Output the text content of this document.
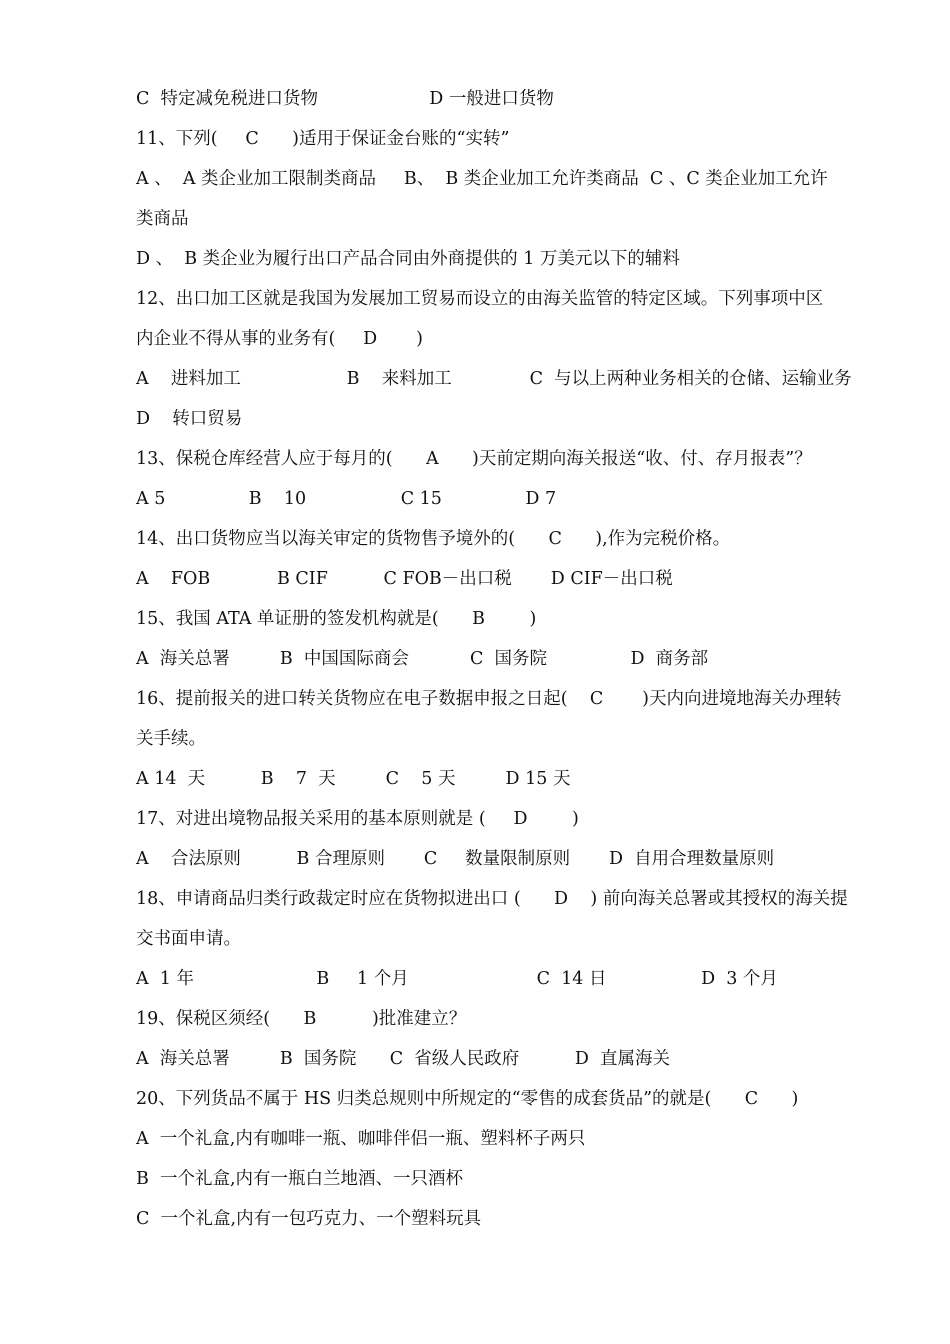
C  特定减免税进口货物                    D 一般进口货物
11、下列(     C      )适用于保证金台账的“实转”
A 、  A 类企业加工限制类商品     B、  B 类企业加工允许类商品  C 、C 类企业加工允许
类商品
D 、  B 类企业为履行出口产品合同由外商提供的 1 万美元以下的辅料
12、出口加工区就是我国为发展加工贸易而设立的由海关监管的特定区域。下列事项中区
内企业不得从事的业务有(     D       )
A    进料加工                   B    来料加工              C  与以上两种业务相关的仓储、运输业务
D    转口贸易
13、保税仓库经营人应于每月的(      A      )天前定期向海关报送“收、付、存月报表”？
A 5               B    10                 C 15               D 7
14、出口货物应当以海关审定的货物售予境外的(      C      ),作为完税价格。
A    FOB            B CIF          C FOB－出口税       D CIF－出口税
15、我国 ATA 单证册的签发机构就是(      B        )
A  海关总署         B  中国国际商会           C  国务院               D  商务部
16、提前报关的进口转关货物应在电子数据申报之日起(    C       )天内向进境地海关办理转
关手续。
A 14  天          B    7  天         C    5 天         D 15 天
17、对进出境物品报关采用的基本原则就是 (     D        )
A    合法原则          B 合理原则       C     数量限制原则       D  自用合理数量原则
18、申请商品归类行政裁定时应在货物拟进出口 (      D    ) 前向海关总署或其授权的海关提
交书面申请。
A  1 年                      B     1 个月                       C  14 日                 D  3 个月
19、保税区须经(      B          )批准建立？
A  海关总署         B  国务院      C  省级人民政府          D  直属海关
20、下列货品不属于 HS 归类总规则中所规定的“零售的成套货品”的就是(      C      )
A  一个礼盒,内有咖啡一瓶、咖啡伴侣一瓶、塑料杯子两只
B  一个礼盒,内有一瓶白兰地酒、一只酒杯
C  一个礼盒,内有一包巧克力、一个塑料玩具
